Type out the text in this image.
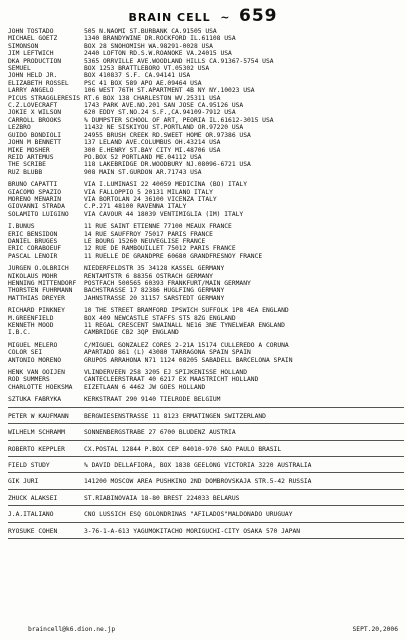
BRAIN CELL ~ 659
JOHN TOSTADO	505 N.NAOMI ST.BURBANK CA.91505 USA
MICHAEL GOETZ	1340 BRANDYWINE DR.ROCKFORD IL.61108 USA
SIMONSON	BOX 28 SNOHOMISH WA.98291-0028 USA
JIM LEFTWICH	2440 LOFTON RD.S.W.ROANOKE VA.24015 USA
DKA PRODUCTION	5365 ORRVILLE AVE.WOODLAND HILLS CA.91367-5754 USA
SEMUEL	BOX 1253 BRATTLEBORO VT.05302 USA
JOHN HELD JR.	BOX 410837 S.F. CA.94141 USA
ELIZABETH ROSSEL	PSC 41 BOX 589 APO AE.09464 USA
LARRY ANGELO	106 WEST 76TH ST.APARTMENT 4B NY NY.10023 USA
PICUS STRAGGLERESIS RT.6 BOX 138 CHARLESTON WV.25311 USA
C.Z.LOVECRAFT	1743 PARK AVE.NO.201 SAN JOSE CA.95126 USA
JOKIE X WILSON	620 EDDY ST.NO.24 S.F.,CA.94109-7912 USA
CARROLL BROOKS	% DUMPSTER SCHOOL OF ART, PEORIA IL.61612-3015 USA
LEZBRO	11432 NE SISKIYOU ST.PORTLAND OR.97220 USA
GUIDO BONDIOLI	24955 BRUSH CREEK RD.SWEET HOME OR.97386 USA
JOHN M BENNETT	137 LELAND AVE.COLUMBUS OH.43214 USA
MIKE MOSHER	300 E.HENRY ST.BAY CITY MI.48706 USA
REID ARTEMUS	PO.BOX 52 PORTLAND ME.04112 USA
THE SCRIBE	118 LAKEBRIDGE DR.WOODBURY NJ.08096-6721 USA
RUZ BLUBB	908 MAIN ST.GURDON AR.71743 USA
BRUNO CAPATTI	VIA I.LUMINASI 22 40059 MEDICINA (BO) ITALY
GIACOMO SPAZIO	VIA FALLOPPIO 5 20131 MILANO ITALY
MORENO MENARIN	VIA BORTOLAN 24 36100 VICENZA ITALY
GIOVANNI STRADA	C.P.271 48100 RAVENNA ITALY
SOLAMITO LUIGINO	VIA CAVOUR 44 18039 VENTIMIGLIA (IM) ITALY
I.BUNUS	11 RUE SAINT ETIENNE 77100 MEAUX FRANCE
ERIC BENSIDON	14 RUE SAUFFROY 75017 PARIS FRANCE
DANIEL BRUGES	LE BOURG 15260 NEUVEGLISE FRANCE
ERIC CORABOEUF	12 RUE DE RAMBOUILLET 75012 PARIS FRANCE
PASCAL LENOIR	11 RUELLE DE GRANDPRE 60680 GRANDFRESNOY FRANCE
JURGEN O.OLBRICH	NIEDERFELDSTR 35 34128 KASSEL GERMANY
NIKOLAUS MOHR	RENTAMTSTR 6 88356 OSTRACH GERMANY
HENNING MITTENDORF	POSTFACH 500565 60393 FRANKFURT/MAIN GERMANY
THORSTEN FUHRMANN	BACHSTRASSE 17 82386 HUGLFING GERMANY
MATTHIAS DREYER	JAHNSTRASSE 20 31157 SARSTEDT GERMANY
RICHARD PINKNEY	10 THE STREET BRAMFORD IPSWICH SUFFOLK 1P8 4EA ENGLAND
M.GREENFIELD	BOX 409 NEWCASTLE STAFFS ST5 8ZG ENGLAND
KENNETH MOOD	11 REGAL CRESCENT SWAINALL NE16 3NE TYNELWEAR ENGLAND
I.B.C.	CAMBRIDGE CB2 3QP ENGLAND
MIGUEL MELERO	C/MIGUEL GONZALEZ CORES 2-21A 15174 CULLEREDO A CORUNA
COLOR SEI	APARTADO 861 (L) 43080 TARRAGONA SPAIN SPAIN
ANTONIO MORENO	GRUPOS ARRAHONA N71 1124 08205 SABADELL BARCELONA SPAIN
HENK VAN OOIJEN	VLINDERVEEN 258 3205 EJ SPIJKENISSE HOLLAND
ROD SUMMERS	CANTECLEERSTRAAT 40 6217 EX MAASTRICHT HOLLAND
CHARLOTTE HOEKSMA	EIZETLAAN 6 4462 JW GOES HOLLAND
SZTUKA FABRYKA	KERKSTRAAT 290 9140 TIELRODE BELGIUM
PETER W KAUFMANN	BERGWIESENSTRASSE 11 8123 ERMATINGEN SWITZERLAND
WILHELM SCHRAMM	SONNENBERGSTRABE 27 6700 BLUDENZ AUSTRIA
ROBERTO KEPPLER	CX.POSTAL 12844 P.BOX CEP 04010-970 SAO PAULO BRASIL
FIELD STUDY	% DAVID DELLAFIORA, BOX 1838 GEELONG VICTORIA 3220 AUSTRALIA
GIK JURI	141200 MOSCOW AREA PUSHKINO 2ND DOMBROVSKAJA STR.5-42 RUSSIA
ZHUCK ALAKSEI	ST.RIABINOVAIA 18-80 BREST 224033 BELARUS
J.A.ITALIANO	CNO LUSSICH ESQ GOLONDRINAS "AFILADOS"MALDONADO URUGUAY
RYOSUKE COHEN	3-76-1-A-613 YAGUMOKITACHO MORIGUCHI-CITY OSAKA 570 JAPAN
braincell@k6.dion.ne.jp	SEPT.20,2006
